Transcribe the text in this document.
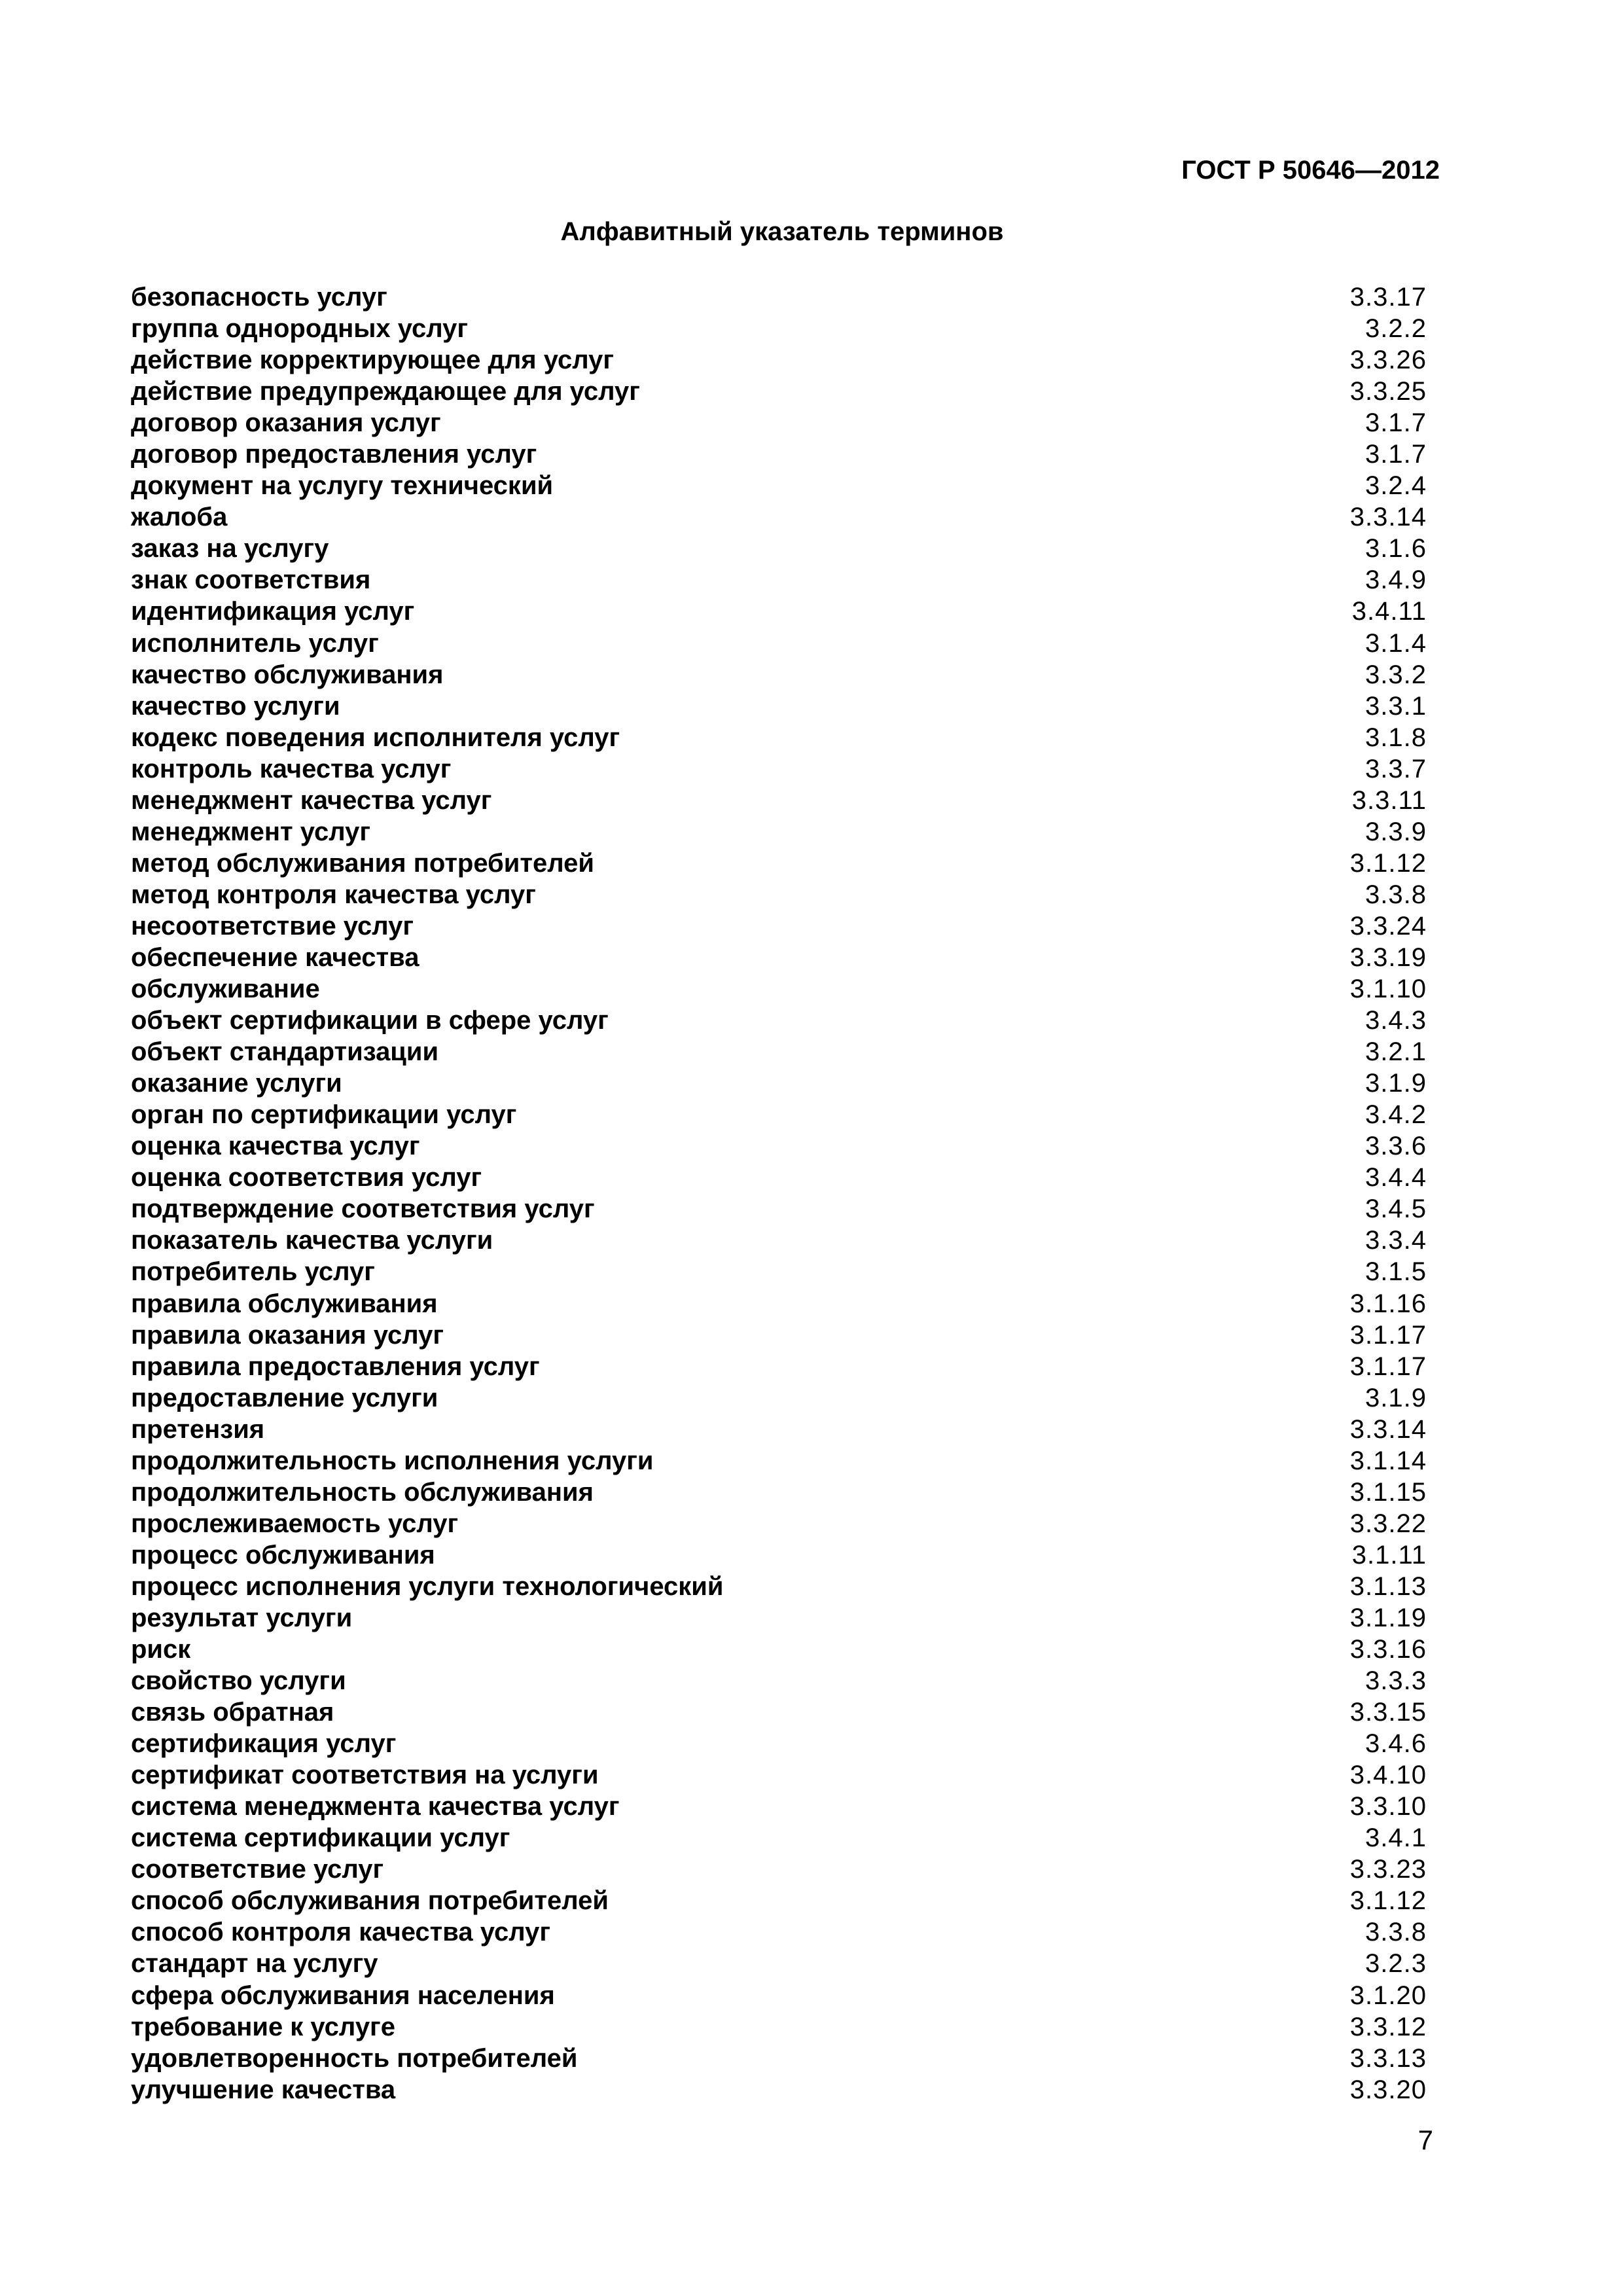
ГОСТ Р 50646—2012
Алфавитный указатель терминов
безопасность услуг	3.3.17
группа однородных услуг	3.2.2
действие корректирующее для услуг	3.3.26
действие предупреждающее для услуг	3.3.25
договор оказания услуг	3.1.7
договор предоставления услуг	3.1.7
документ на услугу технический	3.2.4
жалоба	3.3.14
заказ на услугу	3.1.6
знак соответствия	3.4.9
идентификация услуг	3.4.11
исполнитель услуг	3.1.4
качество обслуживания	3.3.2
качество услуги	3.3.1
кодекс поведения исполнителя услуг	3.1.8
контроль качества услуг	3.3.7
менеджмент качества услуг	3.3.11
менеджмент услуг	3.3.9
метод обслуживания потребителей	3.1.12
метод контроля качества услуг	3.3.8
несоответствие услуг	3.3.24
обеспечение качества	3.3.19
обслуживание	3.1.10
объект сертификации в сфере услуг	3.4.3
объект стандартизации	3.2.1
оказание услуги	3.1.9
орган по сертификации услуг	3.4.2
оценка качества услуг	3.3.6
оценка соответствия услуг	3.4.4
подтверждение соответствия услуг	3.4.5
показатель качества услуги	3.3.4
потребитель услуг	3.1.5
правила обслуживания	3.1.16
правила оказания услуг	3.1.17
правила предоставления услуг	3.1.17
предоставление услуги	3.1.9
претензия	3.3.14
продолжительность исполнения услуги	3.1.14
продолжительность обслуживания	3.1.15
прослеживаемость услуг	3.3.22
процесс обслуживания	3.1.11
процесс исполнения услуги технологический	3.1.13
результат услуги	3.1.19
риск	3.3.16
свойство услуги	3.3.3
связь обратная	3.3.15
сертификация услуг	3.4.6
сертификат соответствия на услуги	3.4.10
система менеджмента качества услуг	3.3.10
система сертификации услуг	3.4.1
соответствие услуг	3.3.23
способ обслуживания потребителей	3.1.12
способ контроля качества услуг	3.3.8
стандарт на услугу	3.2.3
сфера обслуживания населения	3.1.20
требование к услуге	3.3.12
удовлетворенность потребителей	3.3.13
улучшение качества	3.3.20
7
